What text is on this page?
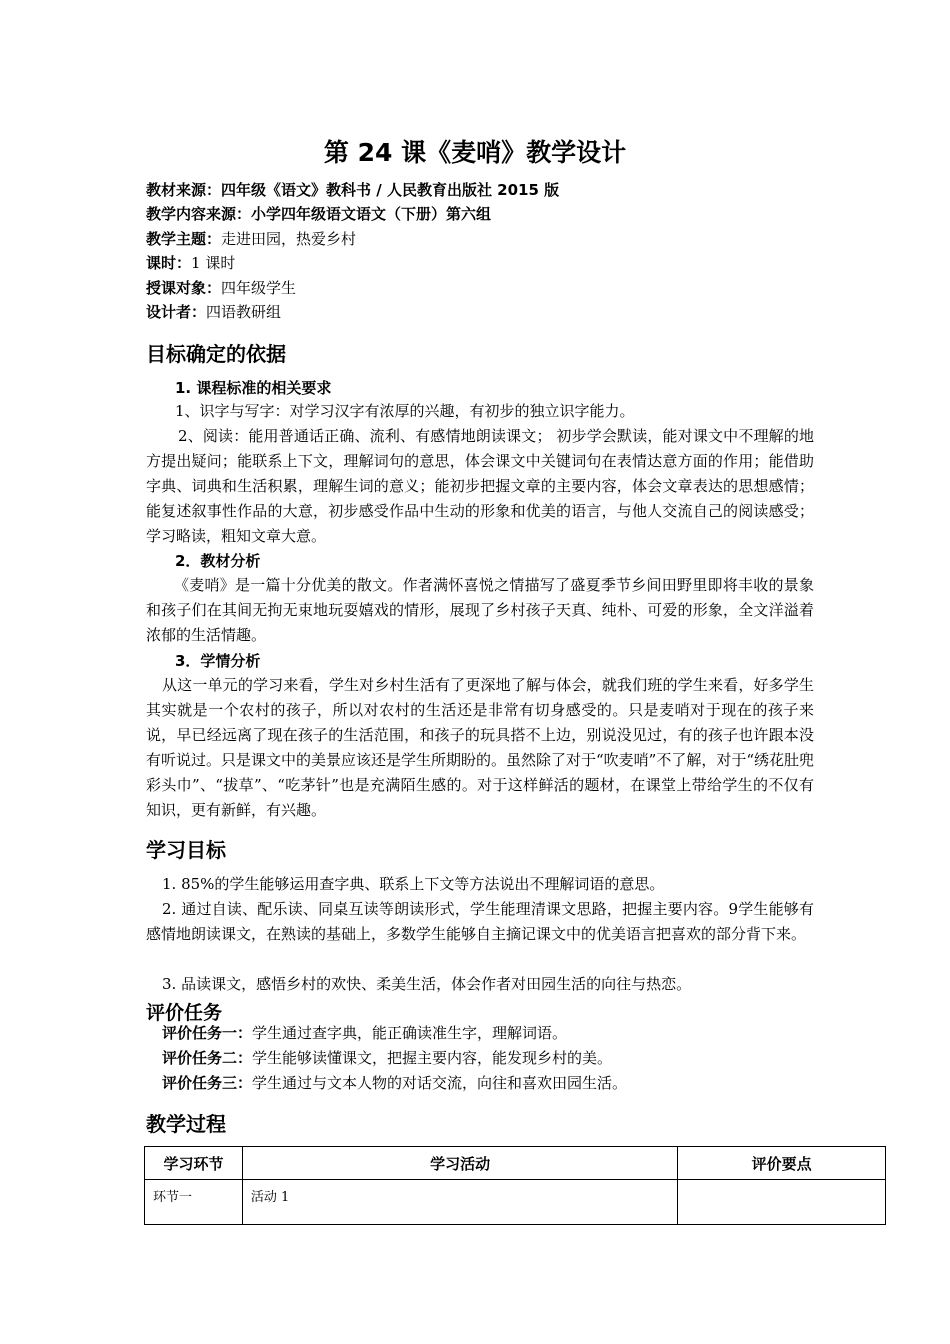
第 24 课《麦哨》教学设计
教材来源：四年级《语文》教科书 / 人民教育出版社 2015 版
教学内容来源：小学四年级语文语文（下册）第六组
教学主题：走进田园，热爱乡村
课时：1 课时
授课对象：四年级学生
设计者：四语教研组
目标确定的依据
1. 课程标准的相关要求
1、识字与写字：对学习汉字有浓厚的兴趣，有初步的独立识字能力。
2、阅读：能用普通话正确、流利、有感情地朗读课文； 初步学会默读，能对课文中不理解的地方提出疑问；能联系上下文，理解词句的意思，体会课文中关键词句在表情达意方面的作用；能借助字典、词典和生活积累，理解生词的意义；能初步把握文章的主要内容，体会文章表达的思想感情； 能复述叙事性作品的大意，初步感受作品中生动的形象和优美的语言，与他人交流自己的阅读感受；学习略读，粗知文章大意。
2．教材分析
《麦哨》是一篇十分优美的散文。作者满怀喜悦之情描写了盛夏季节乡间田野里即将丰收的景象和孩子们在其间无拘无束地玩耍嬉戏的情形，展现了乡村孩子天真、纯朴、可爱的形象，全文洋溢着浓郁的生活情趣。
3．学情分析
从这一单元的学习来看，学生对乡村生活有了更深地了解与体会，就我们班的学生来看，好多学生其实就是一个农村的孩子，所以对农村的生活还是非常有切身感受的。只是麦哨对于现在的孩子来说，早已经远离了现在孩子的生活范围，和孩子的玩具搭不上边，别说没见过，有的孩子也许跟本没有听说过。只是课文中的美景应该还是学生所期盼的。虽然除了对于“吹麦哨”不了解，对于“绣花肚兜彩头巾”、“拔草”、“吃茅针”也是充满陌生感的。对于这样鲜活的题材，在课堂上带给学生的不仅有知识，更有新鲜，有兴趣。
学习目标
1. 85%的学生能够运用查字典、联系上下文等方法说出不理解词语的意思。
2. 通过自读、配乐读、同桌互读等朗读形式，学生能理清课文思路，把握主要内容。9学生能够有感情地朗读课文，在熟读的基础上，多数学生能够自主摘记课文中的优美语言把喜欢的部分背下来。
3. 品读课文，感悟乡村的欢快、柔美生活，体会作者对田园生活的向往与热恋。
评价任务
评价任务一：学生通过查字典，能正确读准生字，理解词语。
评价任务二：学生能够读懂课文，把握主要内容，能发现乡村的美。
评价任务三：学生通过与文本人物的对话交流，向往和喜欢田园生活。
教学过程
学习环节	学习活动	评价要点
环节一	活动 1	
